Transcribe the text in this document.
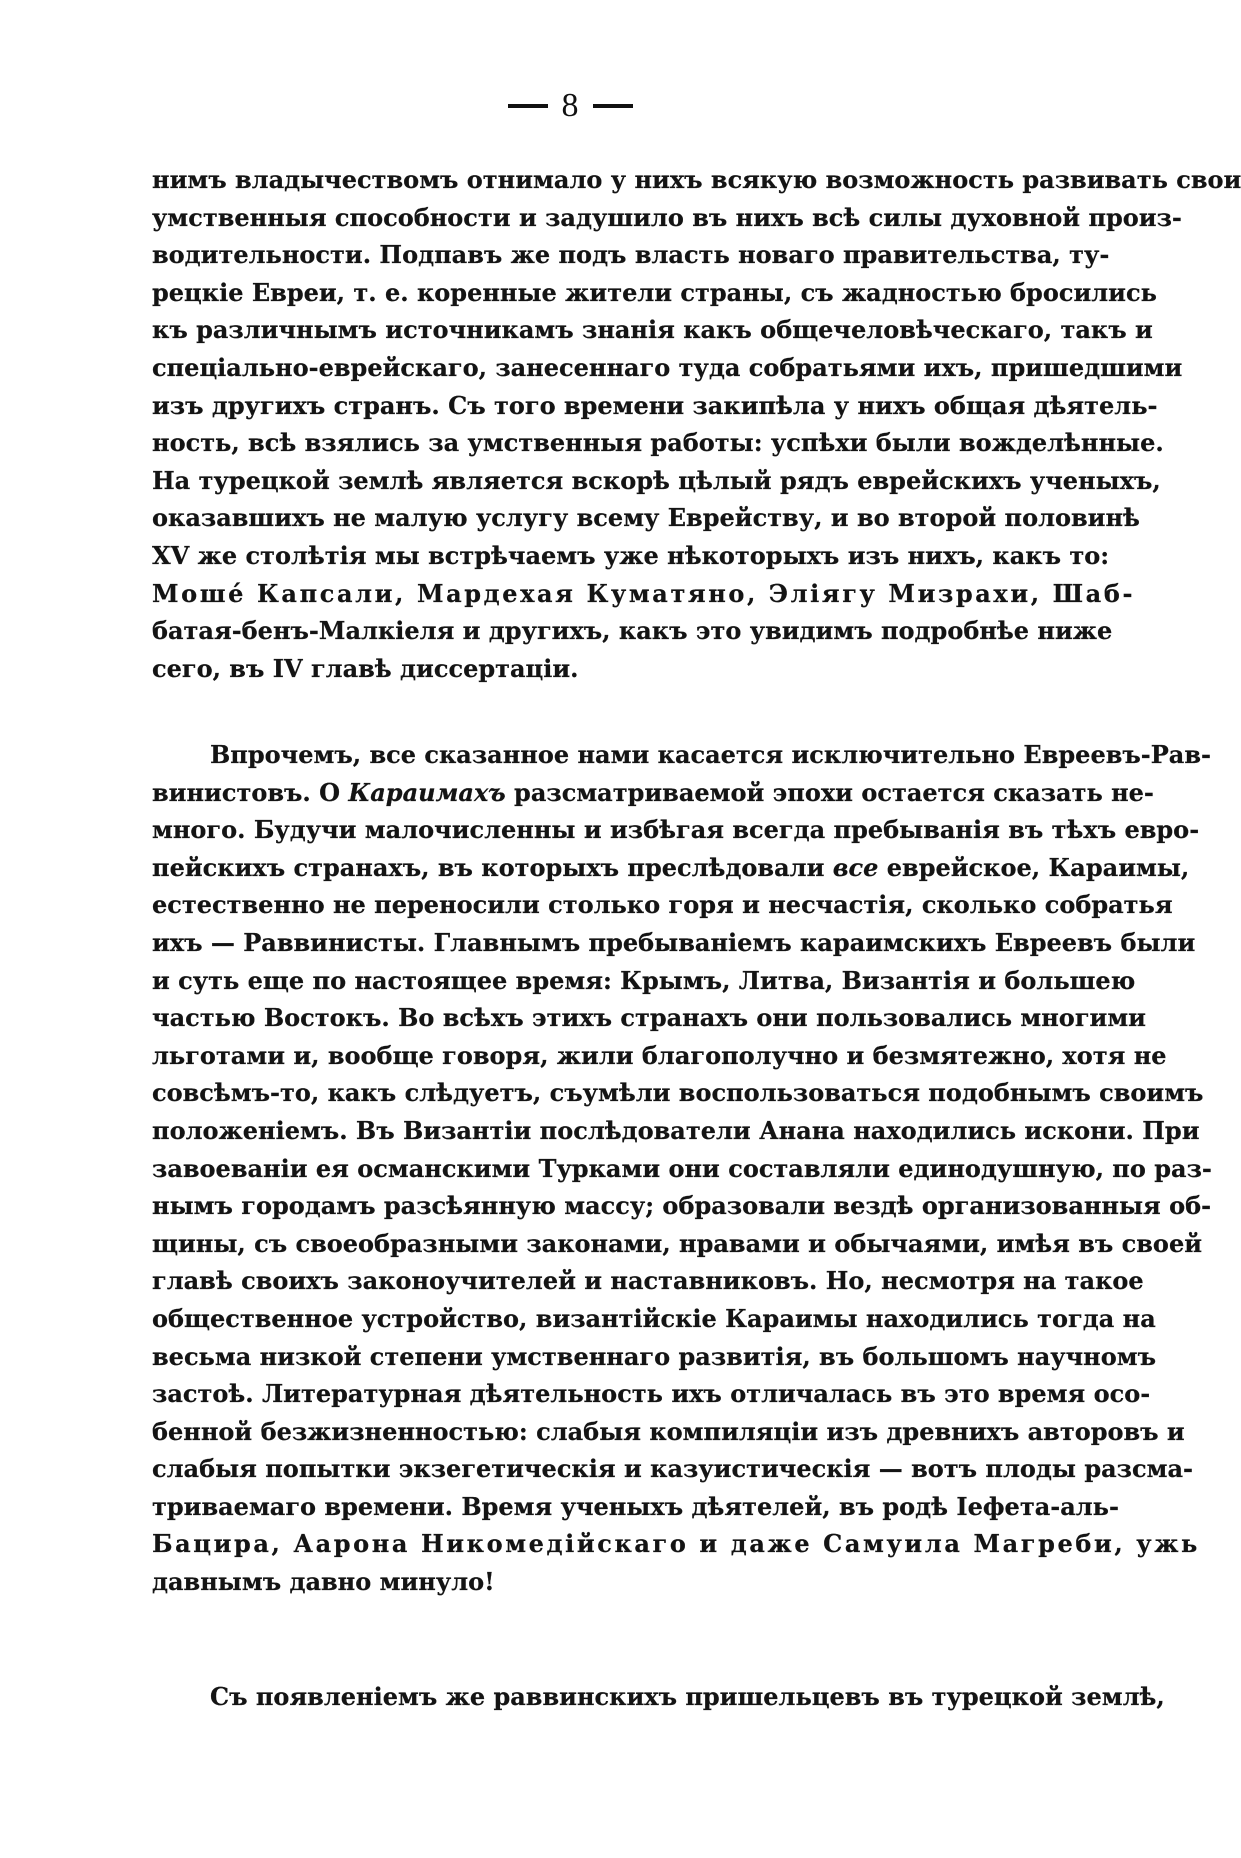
8
нимъ владычествомъ отнимало у нихъ всякую возможность развивать свои
умственныя способности и задушило въ нихъ всѣ силы духовной произ-
водительности. Подпавъ же подъ власть новаго правительства, ту-
рецкіе Евреи, т. е. коренные жители страны, съ жадностью бросились
къ различнымъ источникамъ знанія какъ общечеловѣческаго, такъ и
спеціально-еврейскаго, занесеннаго туда собратьями ихъ, пришедшими
изъ другихъ странъ. Съ того времени закипѣла у нихъ общая дѣятель-
ность, всѣ взялись за умственныя работы: успѣхи были вожделѣнные.
На турецкой землѣ является вскорѣ цѣлый рядъ еврейскихъ ученыхъ,
оказавшихъ не малую услугу всему Еврейству, и во второй половинѣ
XV же столѣтія мы встрѣчаемъ уже нѣкоторыхъ изъ нихъ, какъ то:
Мошé Капсали, Мардехая Куматяно, Эліягу Мизрахи, Шаб-
батая-бенъ-Малкіеля и другихъ, какъ это увидимъ подробнѣе ниже
сего, въ IV главѣ диссертаціи.
Впрочемъ, все сказанное нами касается исключительно Евреевъ-Рав-
винистовъ. О Караимахъ разсматриваемой эпохи остается сказать не-
много. Будучи малочисленны и избѣгая всегда пребыванія въ тѣхъ евро-
пейскихъ странахъ, въ которыхъ преслѣдовали все еврейское, Караимы,
естественно не переносили столько горя и несчастія, сколько собратья
ихъ — Раввинисты. Главнымъ пребываніемъ караимскихъ Евреевъ были
и суть еще по настоящее время: Крымъ, Литва, Византія и большею
частью Востокъ. Во всѣхъ этихъ странахъ они пользовались многими
льготами и, вообще говоря, жили благополучно и безмятежно, хотя не
совсѣмъ-то, какъ слѣдуетъ, съумѣли воспользоваться подобнымъ своимъ
положеніемъ. Въ Византіи послѣдователи Анана находились искони. При
завоеваніи ея османскими Турками они составляли единодушную, по раз-
нымъ городамъ разсѣянную массу; образовали вездѣ организованныя об-
щины, съ своеобразными законами, нравами и обычаями, имѣя въ своей
главѣ своихъ законоучителей и наставниковъ. Но, несмотря на такое
общественное устройство, византійскіе Караимы находились тогда на
весьма низкой степени умственнаго развитія, въ большомъ научномъ
застоѣ. Литературная дѣятельность ихъ отличалась въ это время осо-
бенной безжизненностью: слабыя компиляціи изъ древнихъ авторовъ и
слабыя попытки экзегетическія и казуистическія — вотъ плоды разсма-
триваемаго времени. Время ученыхъ дѣятелей, въ родѣ Іефета-аль-
Бацира, Аарона Никомедійскаго и даже Самуила Магреби, ужь
давнымъ давно минуло!
Съ появленіемъ же раввинскихъ пришельцевъ въ турецкой землѣ,
